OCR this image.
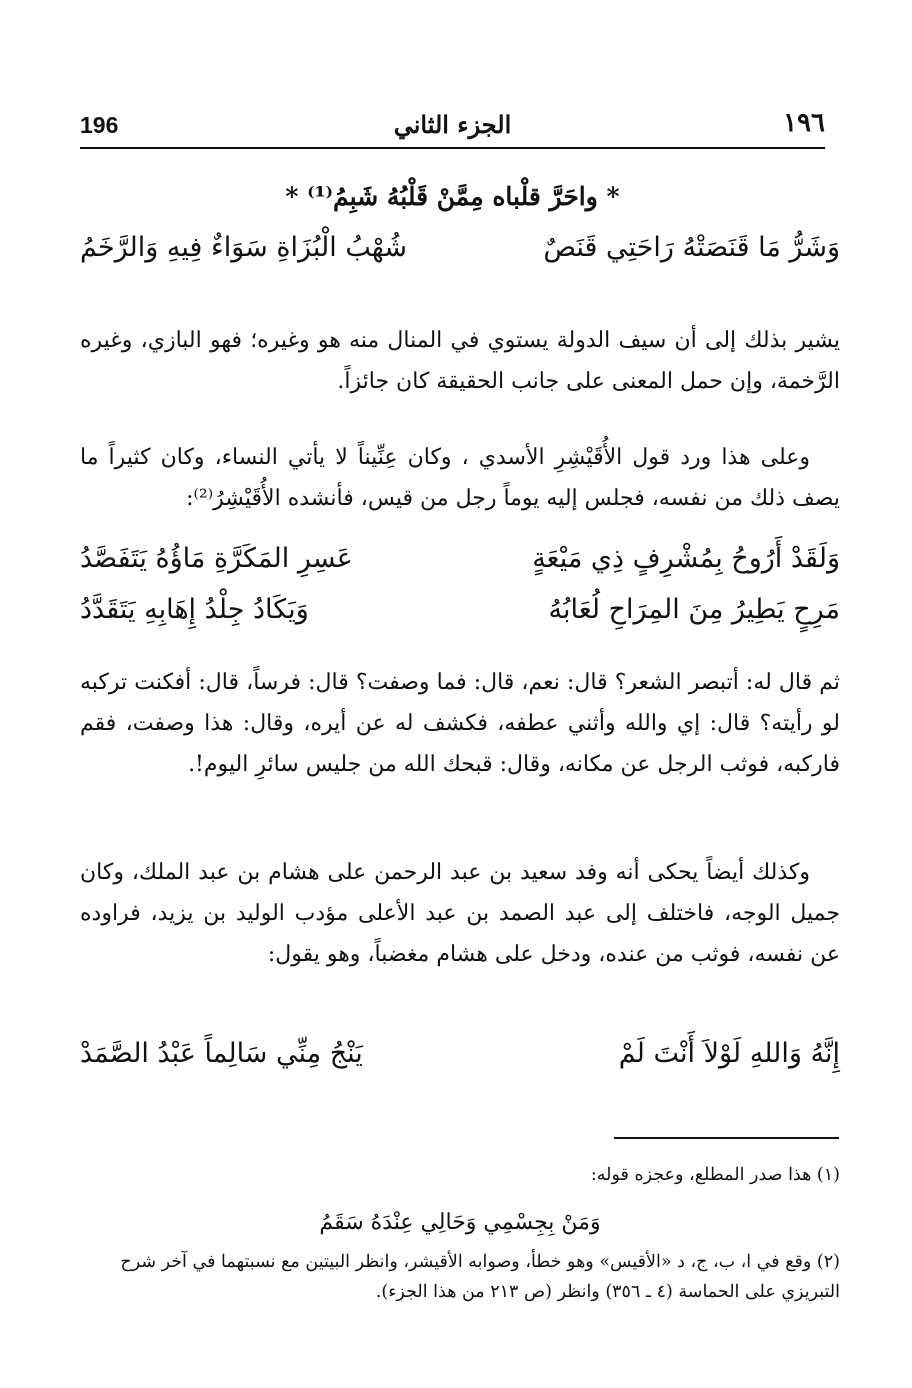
١٩٦
الجزء الثاني
196
* واحَرَّ قلْباه مِمَّنْ قَلْبُهُ شَبِمُ⁽¹⁾ *
وَشَرُّ مَا قَنَصَتْهُ رَاحَتِي قَنَصٌ
شُهْبُ الْبُزَاةِ سَوَاءٌ فِيهِ وَالرَّخَمُ
يشير بذلك إلى أن سيف الدولة يستوي في المنال منه هو وغيره؛ فهو البازي، وغيره الرَّخمة، وإن حمل المعنى على جانب الحقيقة كان جائزاً.
وعلى هذا ورد قول الأُقَيْشِرِ الأسدي ، وكان عِنِّيناً لا يأتي النساء، وكان كثيراً ما يصف ذلك من نفسه، فجلس إليه يوماً رجل من قيس، فأنشده الأُقَيْشِرُ⁽²⁾:
وَلَقَدْ أَرُوحُ بِمُشْرِفٍ ذِي مَيْعَةٍ
عَسِرِ المَكَرَّةِ مَاؤُهُ يَتَفَصَّدُ
مَرِحٍ يَطِيرُ مِنَ المِرَاحِ لُعَابُهُ
وَيَكَادُ جِلْدُ إِهَابِهِ يَتَقَدَّدُ
ثم قال له: أتبصر الشعر؟ قال: نعم، قال: فما وصفت؟ قال: فرساً، قال: أفكنت تركبه لو رأيته؟ قال: إي والله وأثني عطفه، فكشف له عن أيره، وقال: هذا وصفت، فقم فاركبه، فوثب الرجل عن مكانه، وقال: قبحك الله من جليس سائرِ اليوم!.
وكذلك أيضاً يحكى أنه وفد سعيد بن عبد الرحمن على هشام بن عبد الملك، وكان جميل الوجه، فاختلف إلى عبد الصمد بن عبد الأعلى مؤدب الوليد بن يزيد، فراوده عن نفسه، فوثب من عنده، ودخل على هشام مغضباً، وهو يقول:
إِنَّهُ وَاللهِ لَوْلاَ أَنْتَ لَمْ
يَنْجُ مِنِّي سَالِماً عَبْدُ الصَّمَدْ
(١) هذا صدر المطلع، وعجزه قوله:
وَمَنْ بِجِسْمِي وَحَالِي عِنْدَهُ سَقَمُ
(٢) وقع في ا، ب، ج، د «الأقيس» وهو خطأ، وصوابه الأقيشر، وانظر البيتين مع نسبتهما في آخر شرح التبريزي على الحماسة (٤ ـ ٣٥٦) وانظر (ص ٢١٣ من هذا الجزء).
